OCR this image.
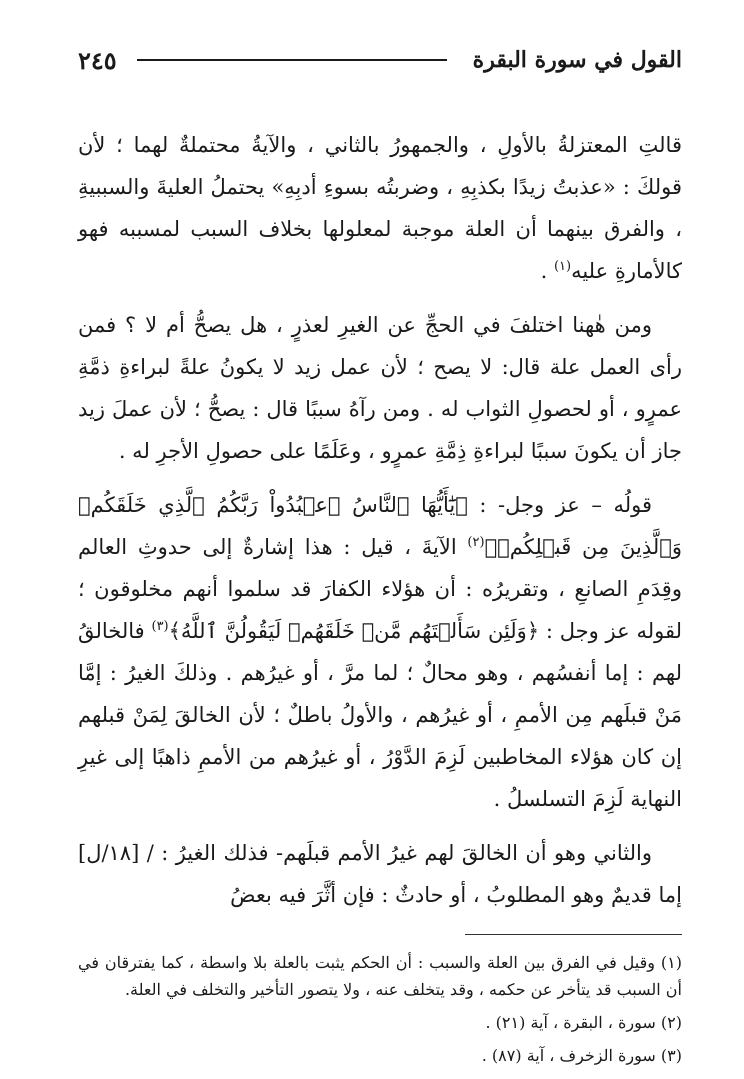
القول في سورة البقرة
٢٤٥

قالتِ المعتزلةُ بالأولِ ، والجمهورُ بالثاني ، والآيةُ محتملةٌ لهما ؛ لأن قولكَ : «عذبتُ زيدًا بكذبِهِ ، وضربتُه بسوءِ أدبِهِ» يحتملُ العليةَ والسببيةِ ، والفرق بينهما أن العلة موجبة لمعلولها بخلاف السبب لمسببه فهو كالأمارةِ عليه$^{(١)}$ .

ومن هٰهنا اختلفَ في الحجِّ عن الغيرِ لعذرٍ ، هل يصحُّ أم لا ؟ فمن رأى العمل علة قال: لا يصح ؛ لأن عمل زيد لا يكونُ علةً لبراءةِ ذمَّةِ عمرٍو ، أو لحصولِ الثواب له . ومن رآهُ سببًا قال : يصحُّ ؛ لأن عملَ زيد جاز أن يكونَ سببًا لبراءةِ ذِمَّةِ عمرٍو ، وعَلَمًا على حصولِ الأجرِ له .

قولُه – عز وجل- : ﴿يَٰٓأَيُّهَا ٱلنَّاسُ ٱعۡبُدُواْ رَبَّكُمُ ٱلَّذِي خَلَقَكُمۡ وَٱلَّذِينَ مِن قَبۡلِكُمۡ﴾$^{(٢)}$ الآيةَ ، قيل : هذا إشارةٌ إلى حدوثِ العالم وقِدَمِ الصانعِ ، وتقريرُه : أن هؤلاء الكفارَ قد سلموا أنهم مخلوقون ؛ لقوله عز وجل : ﴿وَلَئِن سَأَلۡتَهُم مَّنۡ خَلَقَهُمۡ لَيَقُولُنَّ ٱللَّهُ﴾$^{(٣)}$ فالخالقُ لهم : إما أنفسُهم ، وهو محالٌ ؛ لما مرَّ ، أو غيرُهم . وذلكَ الغيرُ : إمَّا مَنْ قبلَهم مِن الأممِ ، أو غيرُهم ، والأولُ باطلٌ ؛ لأن الخالقَ لِمَنْ قبلهم إن كان هؤلاء المخاطبين لَزِمَ الدَّوْرُ ، أو غيرُهم من الأممِ ذاهبًا إلى غيرِ النهاية لَزِمَ التسلسلُ .

والثاني وهو أن الخالقَ لهم غيرُ الأمم قبلَهم- فذلك الغيرُ : / [١٨/ل] إما قديمٌ وهو المطلوبُ ، أو حادثٌ : فإن أثَّرَ فيه بعضُ

(١) وقيل في الفرق بين العلة والسبب : أن الحكم يثبت بالعلة بلا واسطة ، كما يفترقان في أن السبب قد يتأخر عن حكمه ، وقد يتخلف عنه ، ولا يتصور التأخير والتخلف في العلة.

(٢) سورة ، البقرة ، آية (٢١) .

(٣) سورة الزخرف ، آية (٨٧) .
